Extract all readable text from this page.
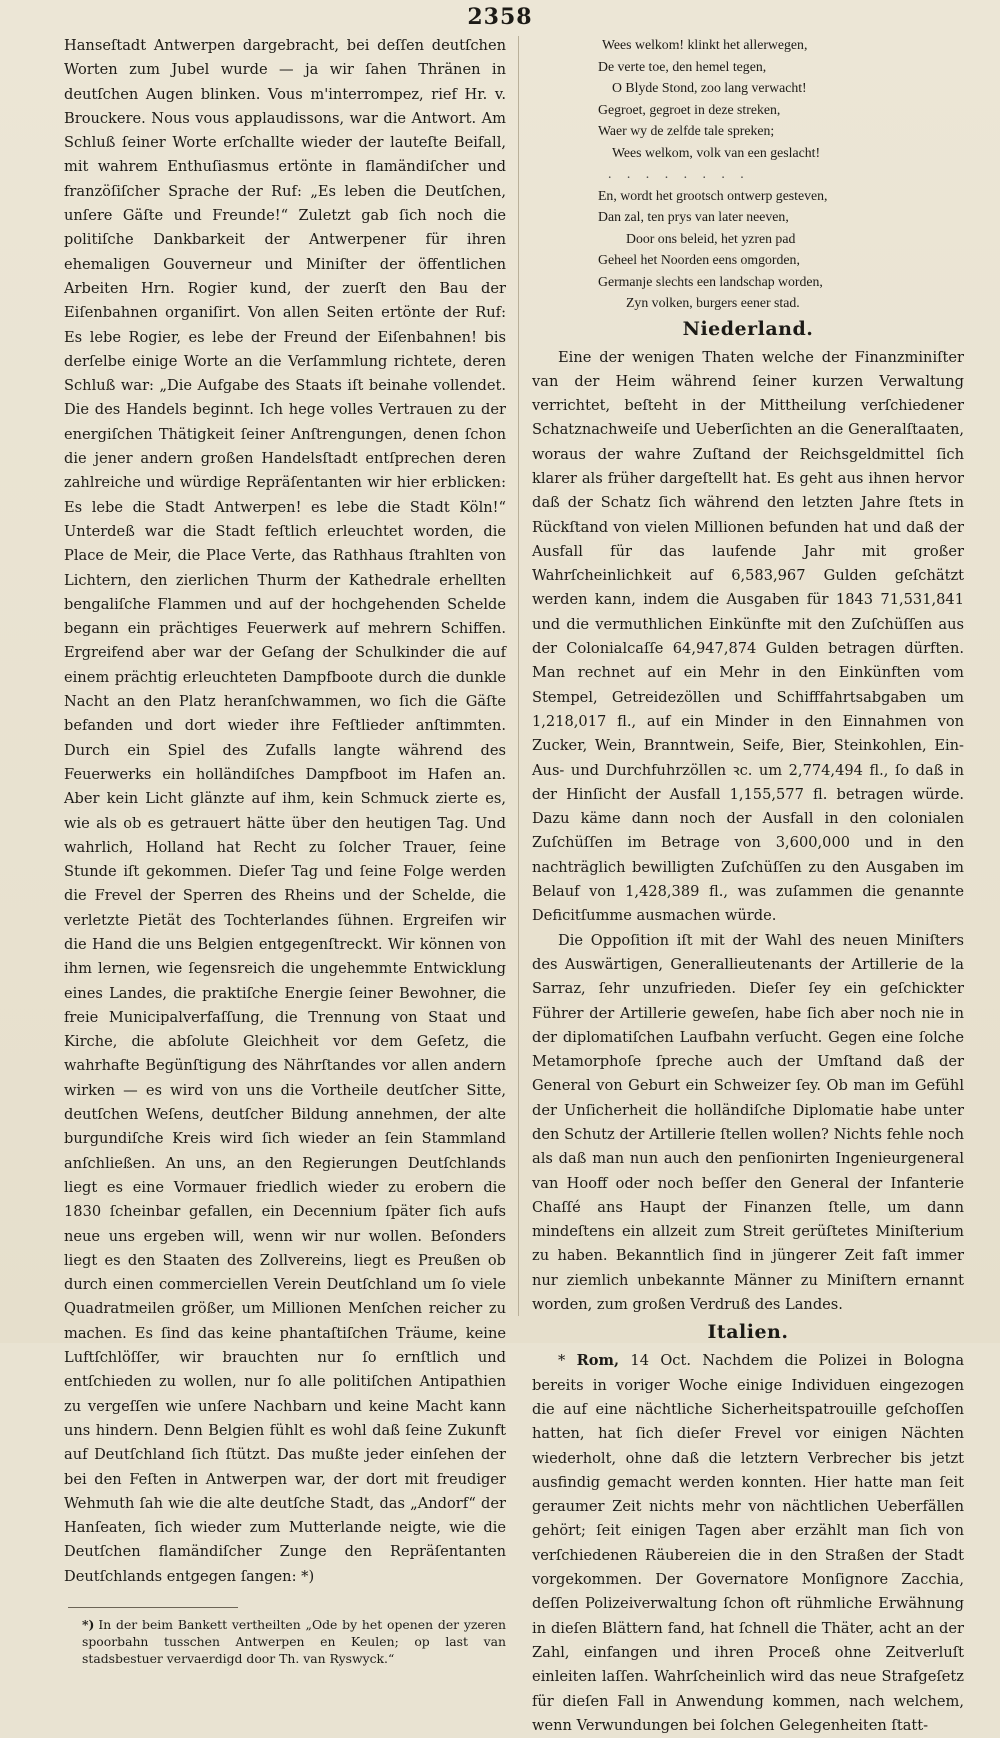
2358

Hanseſtadt Antwerpen dargebracht, bei deſſen deutſchen Worten zum Jubel wurde — ja wir ſahen Thränen in deutſchen Augen blinken. Vous m'interrompez, rief Hr. v. Brouckere. Nous vous applaudissons, war die Antwort. Am Schluß ſeiner Worte erſchallte wieder der lauteſte Beifall, mit wahrem Enthuſiasmus ertönte in flamändiſcher und franzöſiſcher Sprache der Ruf: „Es leben die Deutſchen, unſere Gäſte und Freunde!“ Zuletzt gab ſich noch die politiſche Dankbarkeit der Antwerpener für ihren ehemaligen Gouverneur und Miniſter der öffentlichen Arbeiten Hrn. Rogier kund, der zuerſt den Bau der Eiſenbahnen organiſirt. Von allen Seiten ertönte der Ruf: Es lebe Rogier, es lebe der Freund der Eiſenbahnen! bis derſelbe einige Worte an die Verſammlung richtete, deren Schluß war: „Die Aufgabe des Staats iſt beinahe vollendet. Die des Handels beginnt. Ich hege volles Vertrauen zu der energiſchen Thätigkeit ſeiner Anſtrengungen, denen ſchon die jener andern großen Handelsſtadt entſprechen deren zahlreiche und würdige Repräſentanten wir hier erblicken: Es lebe die Stadt Antwerpen! es lebe die Stadt Köln!“ Unterdeß war die Stadt feſtlich erleuchtet worden, die Place de Meir, die Place Verte, das Rathhaus ſtrahlten von Lichtern, den zierlichen Thurm der Kathedrale erhellten bengaliſche Flammen und auf der hochgehenden Schelde begann ein prächtiges Feuerwerk auf mehrern Schiffen. Ergreifend aber war der Geſang der Schulkinder die auf einem prächtig erleuchteten Dampfboote durch die dunkle Nacht an den Platz heranſchwammen, wo ſich die Gäſte befanden und dort wieder ihre Feſtlieder anſtimmten. Durch ein Spiel des Zufalls langte während des Feuerwerks ein holländiſches Dampfboot im Hafen an. Aber kein Licht glänzte auf ihm, kein Schmuck zierte es, wie als ob es getrauert hätte über den heutigen Tag. Und wahrlich, Holland hat Recht zu ſolcher Trauer, ſeine Stunde iſt gekommen. Dieſer Tag und ſeine Folge werden die Frevel der Sperren des Rheins und der Schelde, die verletzte Pietät des Tochterlandes ſühnen. Ergreifen wir die Hand die uns Belgien entgegenſtreckt. Wir können von ihm lernen, wie ſegensreich die ungehemmte Entwicklung eines Landes, die praktiſche Energie ſeiner Bewohner, die freie Municipalverfaſſung, die Trennung von Staat und Kirche, die abſolute Gleichheit vor dem Geſetz, die wahrhafte Begünſtigung des Nährſtandes vor allen andern wirken — es wird von uns die Vortheile deutſcher Sitte, deutſchen Weſens, deutſcher Bildung annehmen, der alte burgundiſche Kreis wird ſich wieder an ſein Stammland anſchließen. An uns, an den Regierungen Deutſchlands liegt es eine Vormauer friedlich wieder zu erobern die 1830 ſcheinbar gefallen, ein Decennium ſpäter ſich aufs neue uns ergeben will, wenn wir nur wollen. Beſonders liegt es den Staaten des Zollvereins, liegt es Preußen ob durch einen commerciellen Verein Deutſchland um ſo viele Quadratmeilen größer, um Millionen Menſchen reicher zu machen. Es ſind das keine phantaſtiſchen Träume, keine Luftſchlöſſer, wir brauchten nur ſo ernſtlich und entſchieden zu wollen, nur ſo alle politiſchen Antipathien zu vergeſſen wie unſere Nachbarn und keine Macht kann uns hindern. Denn Belgien fühlt es wohl daß ſeine Zukunft auf Deutſchland ſich ſtützt. Das mußte jeder einſehen der bei den Feſten in Antwerpen war, der dort mit freudiger Wehmuth ſah wie die alte deutſche Stadt, das „Andorf“ der Hanſeaten, ſich wieder zum Mutterlande neigte, wie die Deutſchen flamändiſcher Zunge den Repräſentanten Deutſchlands entgegen ſangen: *)

*) In der beim Bankett vertheilten „Ode by het openen der yzeren spoorbahn tusschen Antwerpen en Keulen; op last van stadsbestuer vervaerdigd door Th. van Ryswyck.“

Wees welkom! klinkt het allerwegen,
De verte toe, den hemel tegen,
O Blyde Stond, zoo lang verwacht!
Gegroet, gegroet in deze streken,
Waer wy de zelfde tale spreken;
Wees welkom, volk van een geslacht!
. . . . . . . .
En, wordt het grootsch ontwerp gesteven,
Dan zal, ten prys van later neeven,
Door ons beleid, het yzren pad
Geheel het Noorden eens omgorden,
Germanje slechts een landschap worden,
Zyn volken, burgers eener stad.
Niederland.

Eine der wenigen Thaten welche der Finanzminiſter van der Heim während ſeiner kurzen Verwaltung verrichtet, beſteht in der Mittheilung verſchiedener Schatznachweiſe und Ueberſichten an die Generalſtaaten, woraus der wahre Zuſtand der Reichsgeldmittel ſich klarer als früher dargeſtellt hat. Es geht aus ihnen hervor daß der Schatz ſich während den letzten Jahre ſtets in Rückſtand von vielen Millionen befunden hat und daß der Ausfall für das laufende Jahr mit großer Wahrſcheinlichkeit auf 6,583,967 Gulden geſchätzt werden kann, indem die Ausgaben für 1843 71,531,841 und die vermuthlichen Einkünfte mit den Zuſchüſſen aus der Colonialcaſſe 64,947,874 Gulden betragen dürften. Man rechnet auf ein Mehr in den Einkünften vom Stempel, Getreidezöllen und Schifffahrtsabgaben um 1,218,017 fl., auf ein Minder in den Einnahmen von Zucker, Wein, Branntwein, Seife, Bier, Steinkohlen, Ein- Aus- und Durchfuhrzöllen ꝛc. um 2,774,494 fl., ſo daß in der Hinſicht der Ausfall 1,155,577 fl. betragen würde. Dazu käme dann noch der Ausfall in den colonialen Zuſchüſſen im Betrage von 3,600,000 und in den nachträglich bewilligten Zuſchüſſen zu den Ausgaben im Belauf von 1,428,389 fl., was zuſammen die genannte Deficitſumme ausmachen würde.

Die Oppoſition iſt mit der Wahl des neuen Miniſters des Auswärtigen, Generallieutenants der Artillerie de la Sarraz, ſehr unzufrieden. Dieſer ſey ein geſchickter Führer der Artillerie geweſen, habe ſich aber noch nie in der diplomatiſchen Laufbahn verſucht. Gegen eine ſolche Metamorphoſe ſpreche auch der Umſtand daß der General von Geburt ein Schweizer ſey. Ob man im Gefühl der Unſicherheit die holländiſche Diplomatie habe unter den Schutz der Artillerie ſtellen wollen? Nichts fehle noch als daß man nun auch den penſionirten Ingenieurgeneral van Hooff oder noch beſſer den General der Infanterie Chaſſé ans Haupt der Finanzen ſtelle, um dann mindeſtens ein allzeit zum Streit gerüſtetes Miniſterium zu haben. Bekanntlich ſind in jüngerer Zeit faſt immer nur ziemlich unbekannte Männer zu Miniſtern ernannt worden, zum großen Verdruß des Landes.

Italien.

* Rom, 14 Oct. Nachdem die Polizei in Bologna bereits in voriger Woche einige Individuen eingezogen die auf eine nächtliche Sicherheitspatrouille geſchoſſen hatten, hat ſich dieſer Frevel vor einigen Nächten wiederholt, ohne daß die letztern Verbrecher bis jetzt ausfindig gemacht werden konnten. Hier hatte man ſeit geraumer Zeit nichts mehr von nächtlichen Ueberfällen gehört; ſeit einigen Tagen aber erzählt man ſich von verſchiedenen Räubereien die in den Straßen der Stadt vorgekommen. Der Governatore Monſignore Zacchia, deſſen Polizeiverwaltung ſchon oft rühmliche Erwähnung in dieſen Blättern fand, hat ſchnell die Thäter, acht an der Zahl, einfangen und ihren Proceß ohne Zeitverluſt einleiten laſſen. Wahrſcheinlich wird das neue Strafgeſetz für dieſen Fall in Anwendung kommen, nach welchem, wenn Verwundungen bei ſolchen Gelegenheiten ſtatt-
